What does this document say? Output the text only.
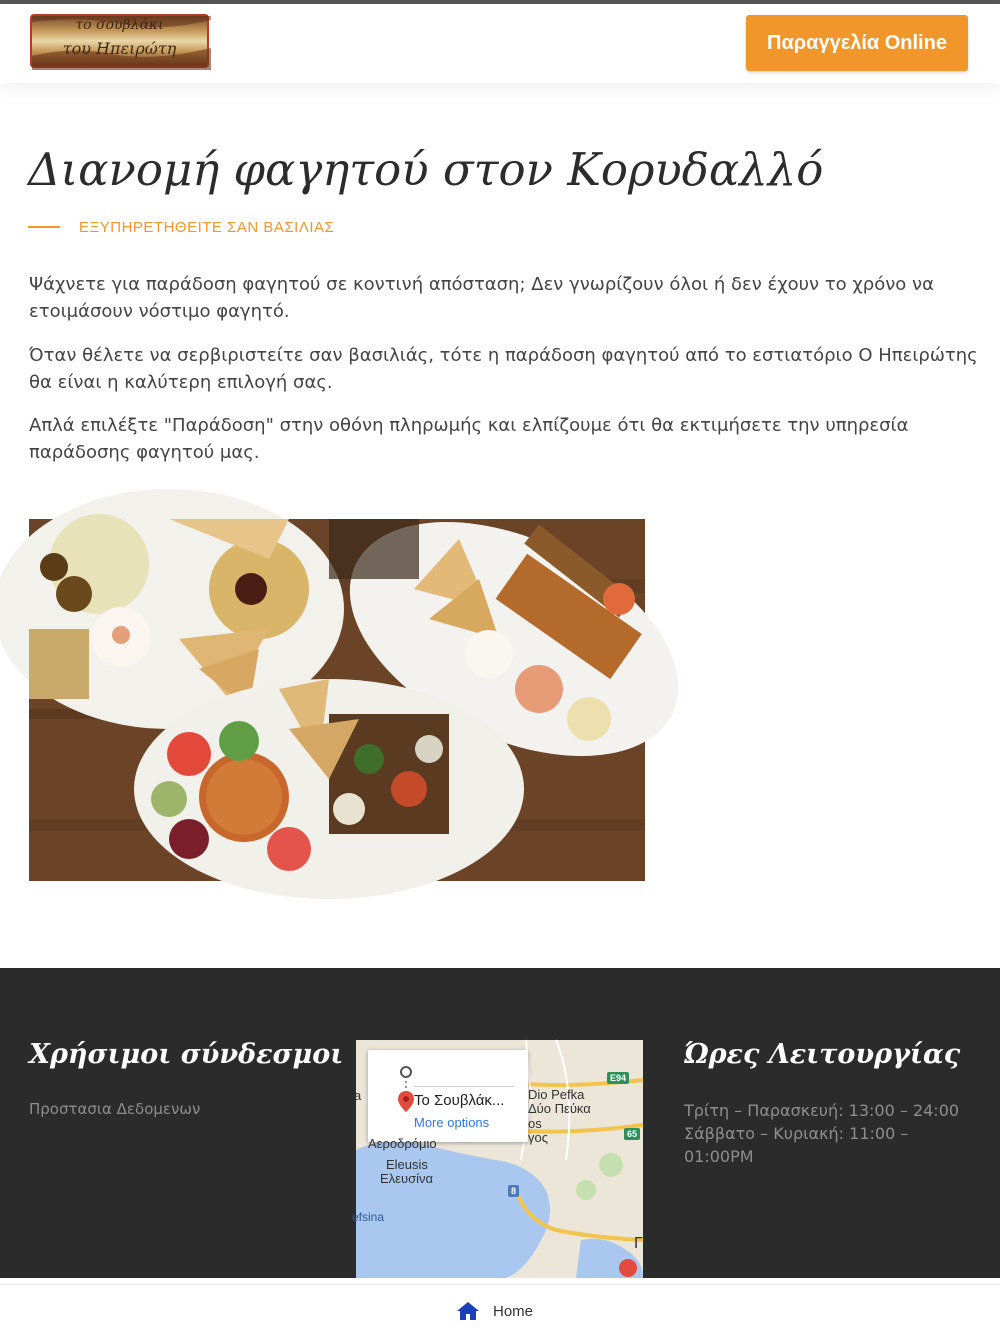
το σουβλάκι
του Ηπειρώτη	Παραγγελία Online
Διανομή φαγητού στον Κορυδαλλό
ΕΞΥΠΗΡΕΤΗΘΕΙΤΕ ΣΑΝ ΒΑΣΙΛΙΑΣ

Ψάχνετε για παράδοση φαγητού σε κοντινή απόσταση; Δεν γνωρίζουν όλοι ή δεν έχουν το χρόνο να ετοιμάσουν νόστιμο φαγητό.

Όταν θέλετε να σερβιριστείτε σαν βασιλιάς, τότε η παράδοση φαγητού από το εστιατόριο Ο Ηπειρώτης θα είναι η καλύτερη επιλογή σας.

Απλά επιλέξτε "Παράδοση" στην οθόνη πληρωμής και ελπίζουμε ότι θα εκτιμήσετε την υπηρεσία παράδοσης φαγητού μας.

Χρήσιμοι σύνδεσμοι
Προστασια Δεδομενων	Το Σουβλάκ...
More options
Dio Pefka
Δύο Πεύκα
os
γος
a
Αεροδρόμιο
Eleusis
Ελευσίνα
efsina
Γ
E94
65
8
Ώρες Λειτουργίας
Τρίτη – Παρασκευή: 13:00 – 24:00
Σάββατο – Κυριακή: 11:00 – 01:00PM
Home
